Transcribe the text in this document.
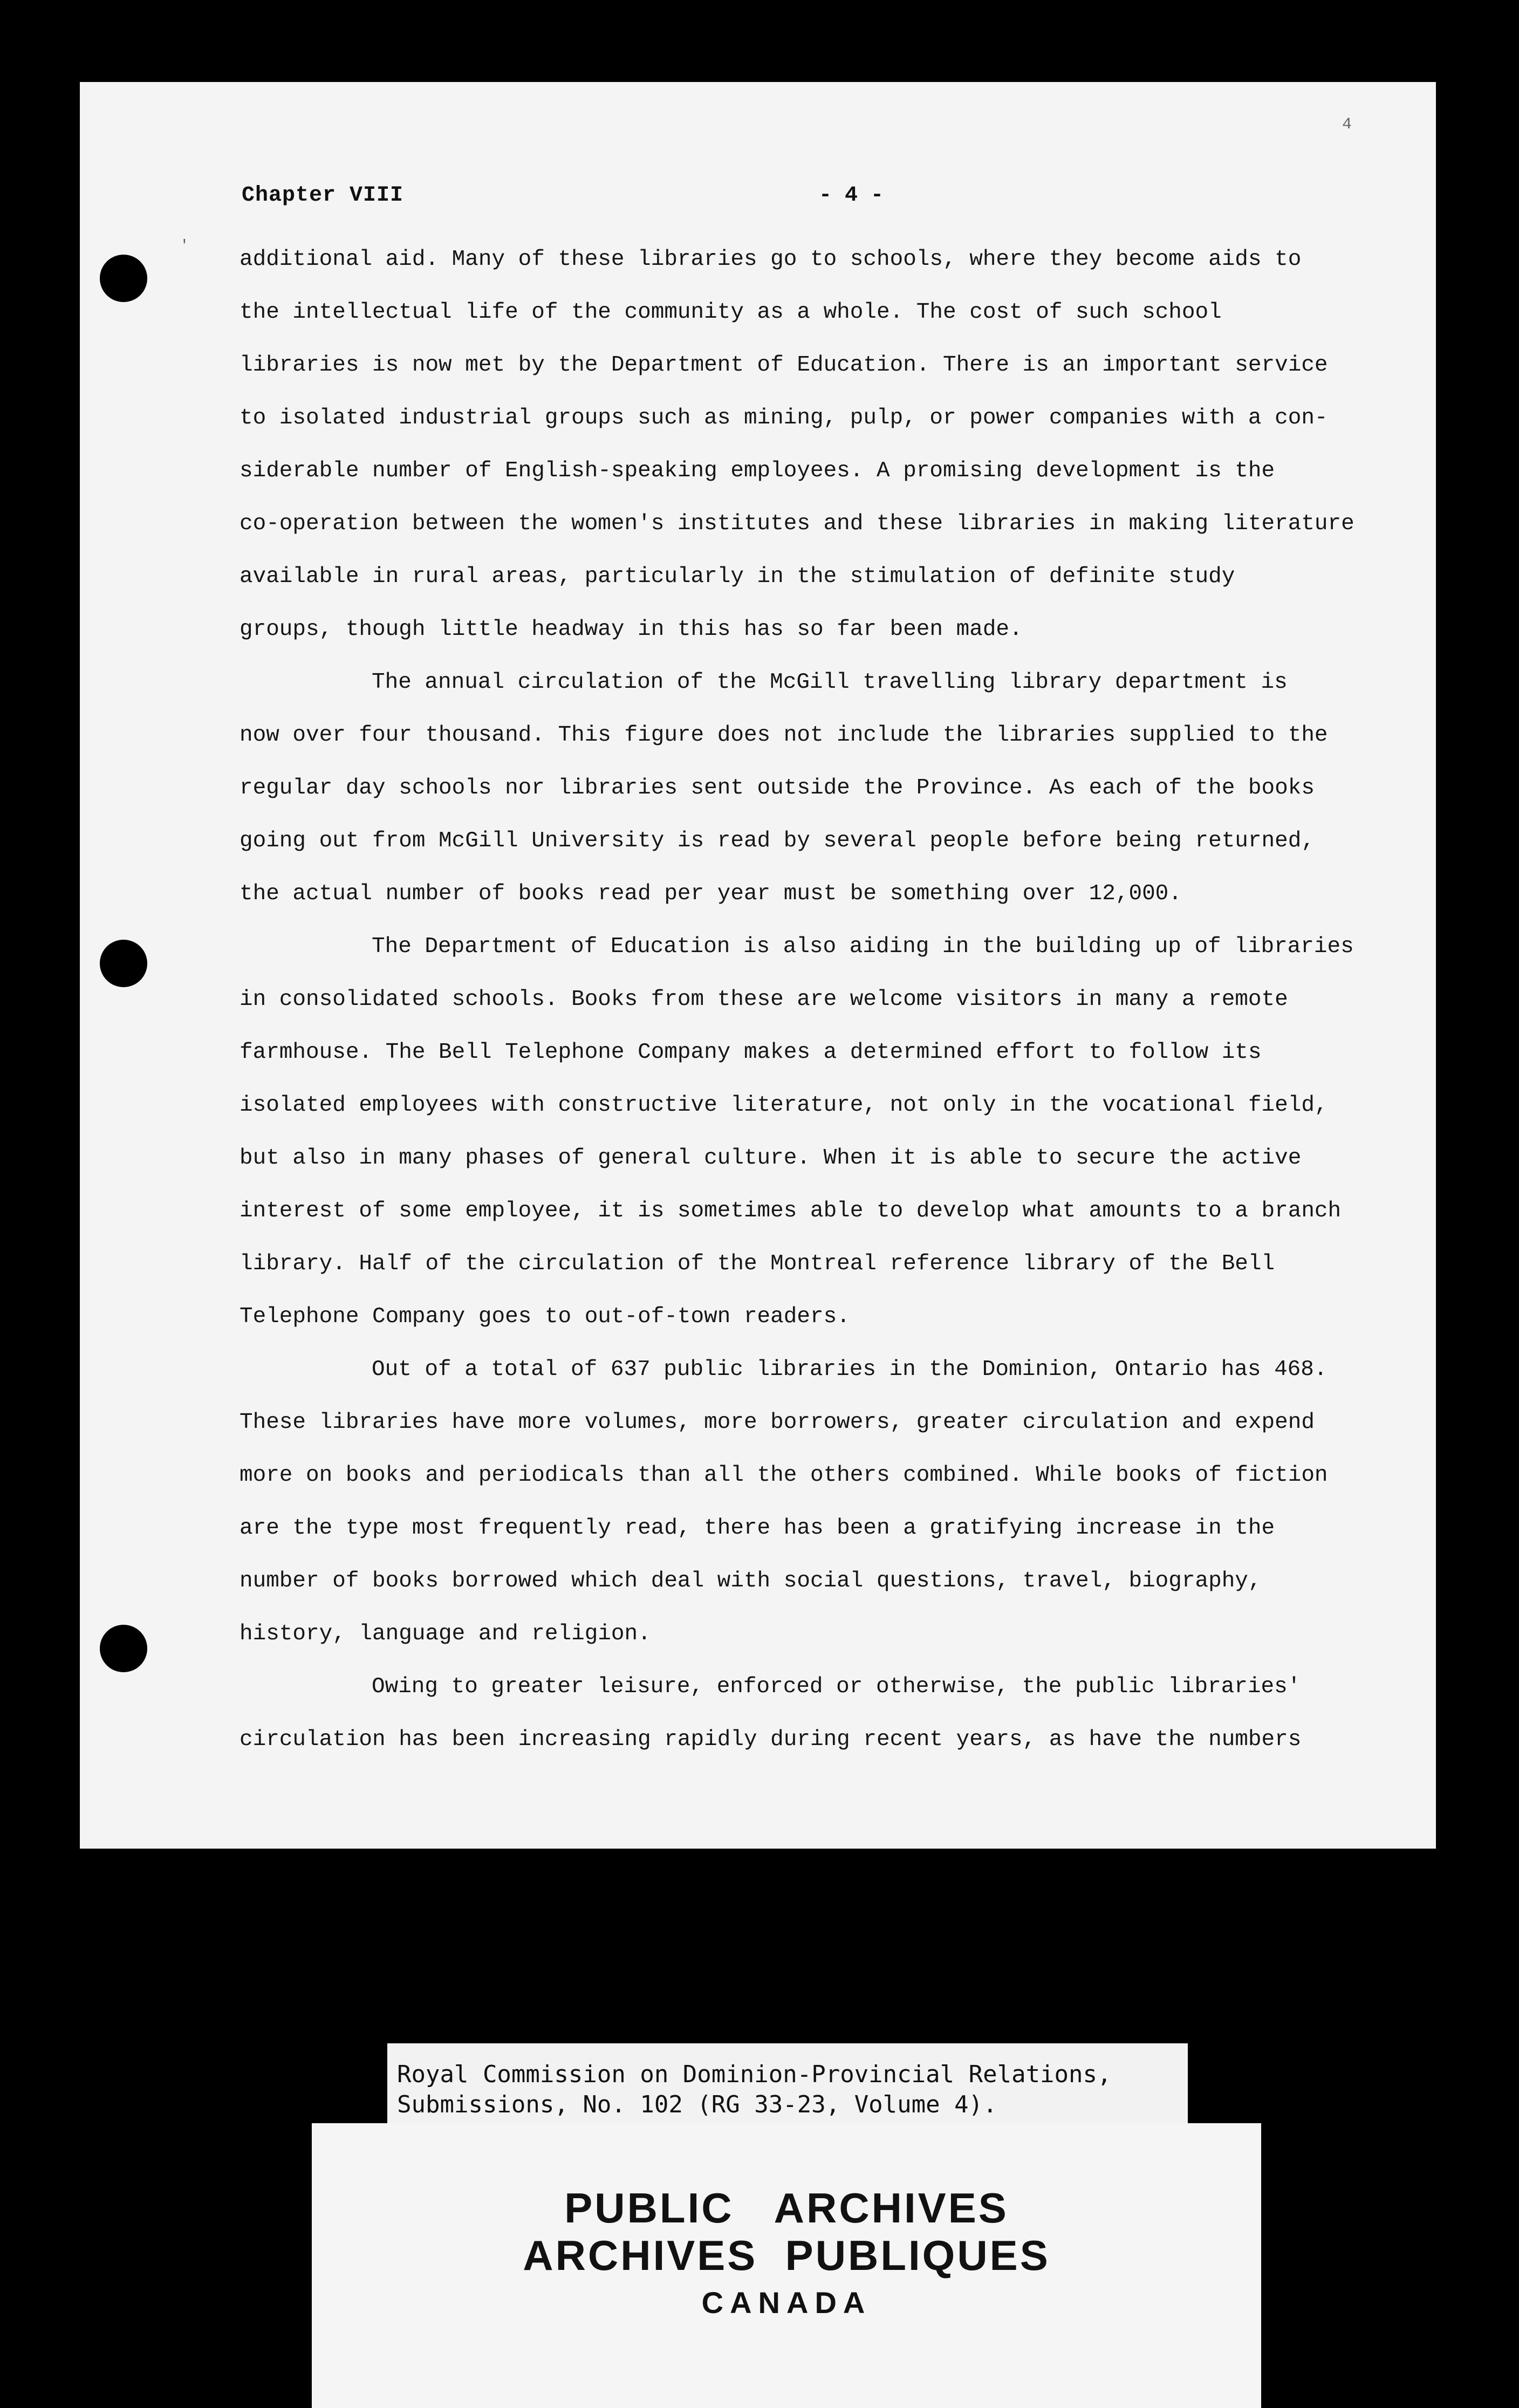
4
'
Chapter VIII	- 4 -
additional aid. Many of these libraries go to schools, where they become aids to
the intellectual life of the community as a whole. The cost of such school
libraries is now met by the Department of Education. There is an important service
to isolated industrial groups such as mining, pulp, or power companies with a con-
siderable number of English-speaking employees. A promising development is the
co-operation between the women's institutes and these libraries in making literature
available in rural areas, particularly in the stimulation of definite study
groups, though little headway in this has so far been made.
The annual circulation of the McGill travelling library department is
now over four thousand. This figure does not include the libraries supplied to the
regular day schools nor libraries sent outside the Province. As each of the books
going out from McGill University is read by several people before being returned,
the actual number of books read per year must be something over 12,000.
The Department of Education is also aiding in the building up of libraries
in consolidated schools. Books from these are welcome visitors in many a remote
farmhouse. The Bell Telephone Company makes a determined effort to follow its
isolated employees with constructive literature, not only in the vocational field,
but also in many phases of general culture. When it is able to secure the active
interest of some employee, it is sometimes able to develop what amounts to a branch
library. Half of the circulation of the Montreal reference library of the Bell
Telephone Company goes to out-of-town readers.
Out of a total of 637 public libraries in the Dominion, Ontario has 468.
These libraries have more volumes, more borrowers, greater circulation and expend
more on books and periodicals than all the others combined. While books of fiction
are the type most frequently read, there has been a gratifying increase in the
number of books borrowed which deal with social questions, travel, biography,
history, language and religion.
Owing to greater leisure, enforced or otherwise, the public libraries'
circulation has been increasing rapidly during recent years, as have the numbers
Royal Commission on Dominion-Provincial Relations,
Submissions, No. 102 (RG 33-23, Volume 4).
PUBLIC   ARCHIVES
ARCHIVES  PUBLIQUES
CANADA
